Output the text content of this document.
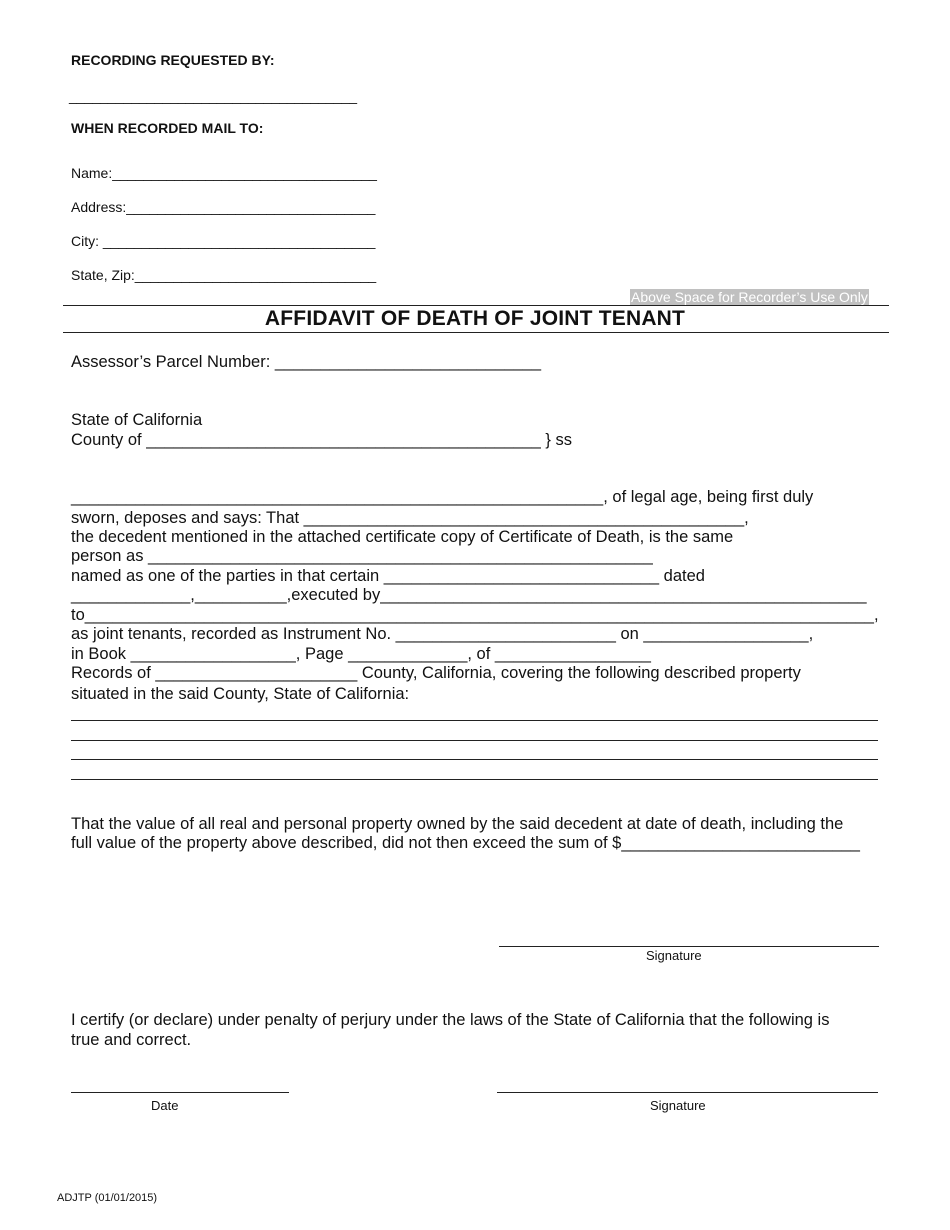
RECORDING REQUESTED BY:
_____________________________________
WHEN RECORDED MAIL TO:
Name:__________________________________
Address:________________________________
City: ___________________________________
State, Zip:_______________________________
Above Space for Recorder’s Use Only
AFFIDAVIT OF DEATH OF JOINT TENANT
Assessor’s Parcel Number: _____________________________
State of California
County of ___________________________________________ } ss
__________________________________________________________, of legal age, being first duly
sworn, deposes and says: That ________________________________________________,
the decedent mentioned in the attached certificate copy of Certificate of Death, is the same
person as _______________________________________________________
named as one of the parties in that certain ______________________________ dated
_____________,__________,executed by_____________________________________________________
to______________________________________________________________________________________,
as joint tenants, recorded as Instrument No. ________________________ on __________________,
in Book __________________, Page _____________, of _________________
Records of ______________________ County, California, covering the following described property
situated in the said County, State of California:
That the value of all real and personal property owned by the said decedent at date of death, including the
full value of the property above described, did not then exceed the sum of $__________________________
Signature
I certify (or declare) under penalty of perjury under the laws of the State of California that the following is
true and correct.
Date	Signature
ADJTP (01/01/2015)
